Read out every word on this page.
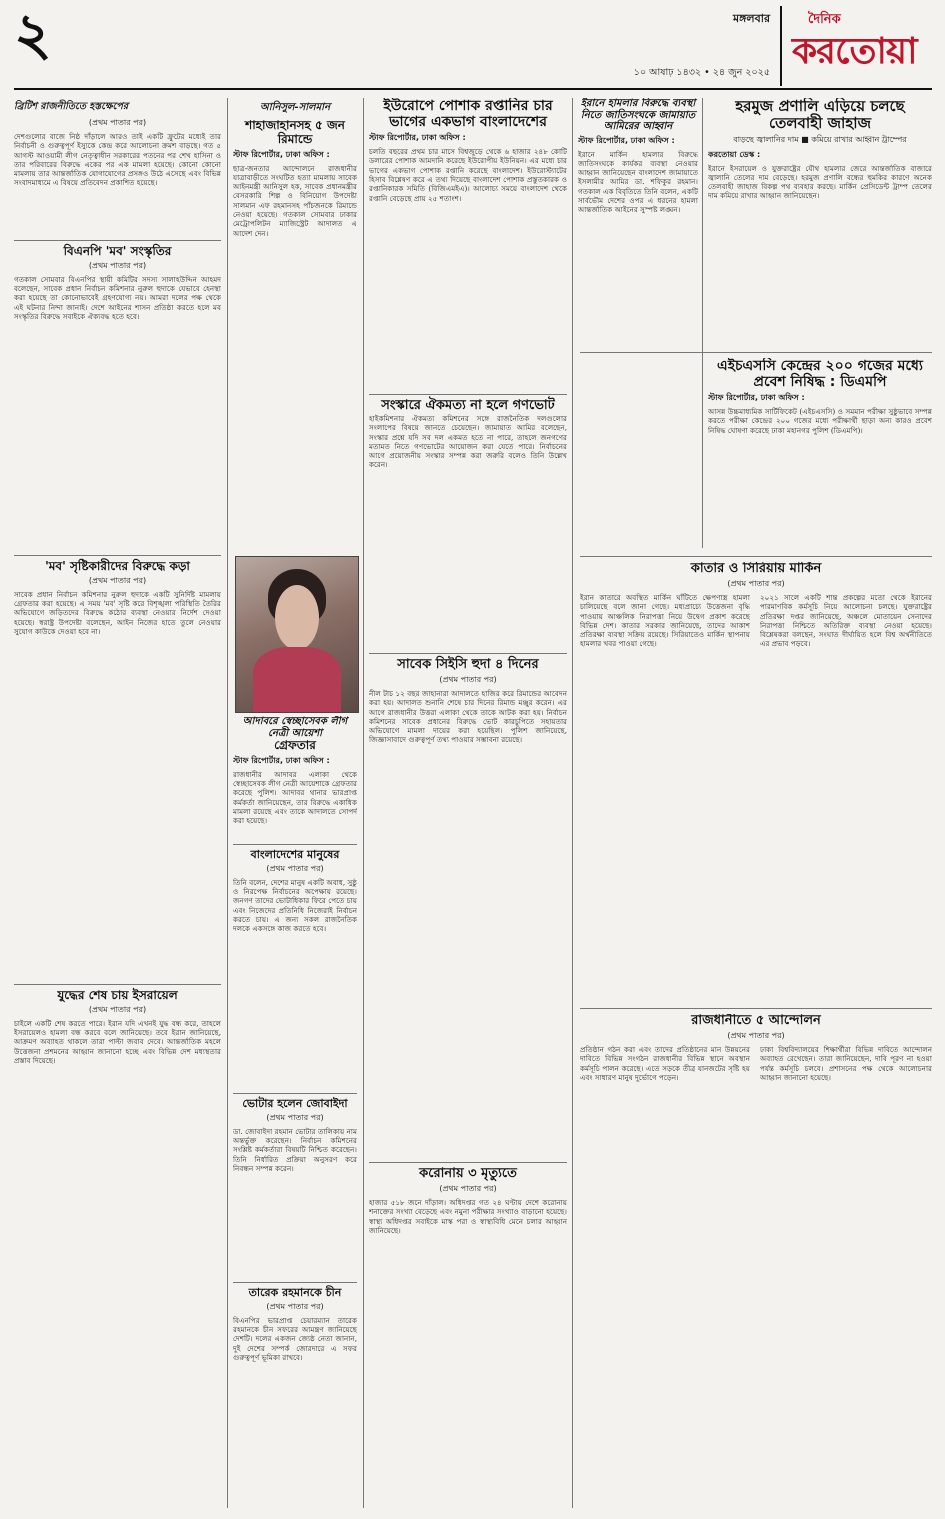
২	মঙ্গলবার
১০ আষাঢ় ১৪৩২ • ২৪ জুন ২০২৫
দৈনিক
করতোয়া

ব্রিটিশ রাজনীতিতে হস্তক্ষেপের

(প্রথম পাতার পর)

দেশগুলোর বাজে নিষ্ঠ দাঁড়ালে আরও তাই একটি ফ্রুটের মধ্যেই তার নির্বাচনী ও গুরুত্বপূর্ণ ইস্যুকে কেন্দ্র করে আলোচনা ক্রমশ বাড়ছে। গত ৫ আগস্ট আওয়ামী লীগ নেতৃত্বাধীন সরকারের পতনের পর শেখ হাসিনা ও তার পরিবারের বিরুদ্ধে একের পর এক মামলা হয়েছে। কোনো কোনো মামলায় তার আন্তর্জাতিক যোগাযোগের প্রসঙ্গও উঠে এসেছে এবং বিভিন্ন সংবাদমাধ্যমে এ বিষয়ে প্রতিবেদন প্রকাশিত হয়েছে।

বিএনপি 'মব' সংস্কৃতির

(প্রথম পাতার পর)

গতকাল সোমবার বিএনপির স্থায়ী কমিটির সদস্য সালাহউদ্দিন আহমদ বলেছেন, সাবেক প্রধান নির্বাচন কমিশনার নুরুল হুদাকে যেভাবে হেনস্থা করা হয়েছে তা কোনোভাবেই গ্রহণযোগ্য নয়। আমরা দলের পক্ষ থেকে এই ঘটনার নিন্দা জানাই। দেশে আইনের শাসন প্রতিষ্ঠা করতে হলে মব সংস্কৃতির বিরুদ্ধে সবাইকে ঐক্যবদ্ধ হতে হবে।

'মব' সৃষ্টিকারীদের বিরুদ্ধে কড়া

(প্রথম পাতার পর)

সাবেক প্রধান নির্বাচন কমিশনার নুরুল হুদাকে একটি সুনির্দিষ্ট মামলায় গ্রেফতার করা হয়েছে। এ সময় 'মব' সৃষ্টি করে বিশৃঙ্খলা পরিস্থিতি তৈরির অভিযোগে জড়িতদের বিরুদ্ধে কঠোর ব্যবস্থা নেওয়ার নির্দেশ দেওয়া হয়েছে। স্বরাষ্ট্র উপদেষ্টা বলেছেন, আইন নিজের হাতে তুলে নেওয়ার সুযোগ কাউকে দেওয়া হবে না।

যুদ্ধের শেষ চায় ইসরায়েল

(প্রথম পাতার পর)

চাইলে একটি শেষ করতে পারে। ইরান যদি এখনই যুদ্ধ বন্ধ করে, তাহলে ইসরায়েলও হামলা বন্ধ করবে বলে জানিয়েছে। তবে ইরান জানিয়েছে, আক্রমণ অব্যাহত থাকলে তারা পাল্টা জবাব দেবে। আন্তর্জাতিক মহলে উত্তেজনা প্রশমনের আহ্বান জানানো হচ্ছে এবং বিভিন্ন দেশ মধ্যস্থতার প্রস্তাব দিয়েছে।

আনিসুল-সালমান

শাহাজাহানসহ ৫ জন রিমান্ডে

স্টাফ রিপোর্টার, ঢাকা অফিস :

ছাত্র-জনতার আন্দোলনে রাজধানীর যাত্রাবাড়ীতে সংঘটিত হত্যা মামলায় সাবেক আইনমন্ত্রী আনিসুল হক, সাবেক প্রধানমন্ত্রীর বেসরকারি শিল্প ও বিনিয়োগ উপদেষ্টা সালমান এফ রহমানসহ পাঁচজনকে রিমান্ডে নেওয়া হয়েছে। গতকাল সোমবার ঢাকার মেট্রোপলিটন ম্যাজিস্ট্রেট আদালত এ আদেশ দেন।

আদাবরে স্বেচ্ছাসেবক লীগ নেত্রী আয়েশা

গ্রেফতার

স্টাফ রিপোর্টার, ঢাকা অফিস :

রাজধানীর আদাবর এলাকা থেকে স্বেচ্ছাসেবক লীগ নেত্রী আয়েশাকে গ্রেফতার করেছে পুলিশ। আদাবর থানার ভারপ্রাপ্ত কর্মকর্তা জানিয়েছেন, তার বিরুদ্ধে একাধিক মামলা রয়েছে এবং তাকে আদালতে সোপর্দ করা হয়েছে।

বাংলাদেশের মানুষের

(প্রথম পাতার পর)

তিনি বলেন, দেশের মানুষ একটি অবাধ, সুষ্ঠু ও নিরপেক্ষ নির্বাচনের অপেক্ষায় রয়েছে। জনগণ তাদের ভোটাধিকার ফিরে পেতে চায় এবং নিজেদের প্রতিনিধি নিজেরাই নির্বাচন করতে চায়। এ জন্য সকল রাজনৈতিক দলকে একসঙ্গে কাজ করতে হবে।

ভোটার হলেন জোবাইদা

(প্রথম পাতার পর)

ডা. জোবাইদা রহমান ভোটার তালিকায় নাম অন্তর্ভুক্ত করেছেন। নির্বাচন কমিশনের সংশ্লিষ্ট কর্মকর্তারা বিষয়টি নিশ্চিত করেছেন। তিনি নির্ধারিত প্রক্রিয়া অনুসরণ করে নিবন্ধন সম্পন্ন করেন।

তারেক রহমানকে চীন

(প্রথম পাতার পর)

বিএনপির ভারপ্রাপ্ত চেয়ারম্যান তারেক রহমানকে চীন সফরের আমন্ত্রণ জানিয়েছে দেশটি। দলের একজন জ্যেষ্ঠ নেতা জানান, দুই দেশের সম্পর্ক জোরদারে এ সফর গুরুত্বপূর্ণ ভূমিকা রাখবে।

ইউরোপে পোশাক রপ্তানির চার ভাগের একভাগ বাংলাদেশের

স্টাফ রিপোর্টার, ঢাকা অফিস :

চলতি বছরের প্রথম চার মাসে বিশ্বজুড়ে থেকে ৬ হাজার ২৪৮ কোটি ডলারের পোশাক আমদানি করেছে ইউরোপীয় ইউনিয়ন। এর মধ্যে চার ভাগের একভাগ পোশাক রপ্তানি করেছে বাংলাদেশ। ইউরোস্ট্যাটের হিসাব বিশ্লেষণ করে এ তথ্য দিয়েছে বাংলাদেশ পোশাক প্রস্তুতকারক ও রপ্তানিকারক সমিতি (বিজিএমইএ)। আলোচ্য সময়ে বাংলাদেশ থেকে রপ্তানি বেড়েছে প্রায় ২৫ শতাংশ।

সংস্কারে ঐকমত্য না হলে গণভোট

হাইকমিশনার ঐকমত্য কমিশনের সঙ্গে রাজনৈতিক দলগুলোর সংলাপের বিষয়ে জানতে চেয়েছেন। জামায়াত আমির বলেছেন, সংস্কার প্রশ্নে যদি সব দল একমত হতে না পারে, তাহলে জনগণের মতামত নিতে গণভোটের আয়োজন করা যেতে পারে। নির্বাচনের আগে প্রয়োজনীয় সংস্কার সম্পন্ন করা জরুরি বলেও তিনি উল্লেখ করেন।

সাবেক সিইসি হুদা ৪ দিনের

(প্রথম পাতার পর)

নীল টাচ ১২ বছর জাহানারা আদালতে হাজির করে রিমান্ডের আবেদন করা হয়। আদালত শুনানি শেষে চার দিনের রিমান্ড মঞ্জুর করেন। এর আগে রাজধানীর উত্তরা এলাকা থেকে তাকে আটক করা হয়। নির্বাচন কমিশনের সাবেক প্রধানের বিরুদ্ধে ভোট কারচুপিতে সহায়তার অভিযোগে মামলা দায়ের করা হয়েছিল। পুলিশ জানিয়েছে, জিজ্ঞাসাবাদে গুরুত্বপূর্ণ তথ্য পাওয়ার সম্ভাবনা রয়েছে।

করোনায় ৩ মৃত্যুতে

(প্রথম পাতার পর)

হাজার ৫১৮ জনে দাঁড়াল। অধিদপ্তর গত ২৪ ঘণ্টায় দেশে করোনায় শনাক্তের সংখ্যা বেড়েছে এবং নমুনা পরীক্ষার সংখ্যাও বাড়ানো হয়েছে। স্বাস্থ্য অধিদপ্তর সবাইকে মাস্ক পরা ও স্বাস্থ্যবিধি মেনে চলার আহ্বান জানিয়েছে।

ইরানে হামলার বিরুদ্ধে ব্যবস্থা নিতে জাতিসংঘকে জামায়াত আমিরের আহ্বান

স্টাফ রিপোর্টার, ঢাকা অফিস :

ইরানে মার্কিন হামলার বিরুদ্ধে জাতিসংঘকে কার্যকর ব্যবস্থা নেওয়ার আহ্বান জানিয়েছেন বাংলাদেশ জামায়াতে ইসলামীর আমির ডা. শফিকুর রহমান। গতকাল এক বিবৃতিতে তিনি বলেন, একটি সার্বভৌম দেশের ওপর এ ধরনের হামলা আন্তর্জাতিক আইনের সুস্পষ্ট লঙ্ঘন।

হরমুজ প্রণালি এড়িয়ে চলছে তেলবাহী জাহাজ

বাড়ছে জ্বালানির দাম ■ কমিয়ে রাখার আহ্বান ট্রাম্পের

করতোয়া ডেস্ক :

ইরানে ইসরায়েল ও যুক্তরাষ্ট্রের যৌথ হামলার জেরে আন্তর্জাতিক বাজারে জ্বালানি তেলের দাম বেড়েছে। হরমুজ প্রণালি বন্ধের হুমকির কারণে অনেক তেলবাহী জাহাজ বিকল্প পথ ব্যবহার করছে। মার্কিন প্রেসিডেন্ট ট্রাম্প তেলের দাম কমিয়ে রাখার আহ্বান জানিয়েছেন।

এইচএসসি কেন্দ্রের ২০০ গজের মধ্যে প্রবেশ নিষিদ্ধ : ডিএমপি

স্টাফ রিপোর্টার, ঢাকা অফিস :

আসন্ন উচ্চমাধ্যমিক সার্টিফিকেট (এইচএসসি) ও সমমান পরীক্ষা সুষ্ঠুভাবে সম্পন্ন করতে পরীক্ষা কেন্দ্রের ২০০ গজের মধ্যে পরীক্ষার্থী ছাড়া অন্য কারও প্রবেশ নিষিদ্ধ ঘোষণা করেছে ঢাকা মহানগর পুলিশ (ডিএমপি)।

কাতার ও সিরিয়ায় মার্কিন

(প্রথম পাতার পর)

ইরান কাতারে অবস্থিত মার্কিন ঘাঁটিতে ক্ষেপণাস্ত্র হামলা চালিয়েছে বলে জানা গেছে। মধ্যপ্রাচ্যে উত্তেজনা বৃদ্ধি পাওয়ায় আঞ্চলিক নিরাপত্তা নিয়ে উদ্বেগ প্রকাশ করেছে বিভিন্ন দেশ। কাতার সরকার জানিয়েছে, তাদের আকাশ প্রতিরক্ষা ব্যবস্থা সক্রিয় রয়েছে। সিরিয়াতেও মার্কিন স্থাপনায় হামলার খবর পাওয়া গেছে।

২০২১ সালে একটি শান্ত প্রকল্পের মতো থেকে ইরানের পারমাণবিক কর্মসূচি নিয়ে আলোচনা চলছে। যুক্তরাষ্ট্রের প্রতিরক্ষা দপ্তর জানিয়েছে, অঞ্চলে মোতায়েন সেনাদের নিরাপত্তা নিশ্চিতে অতিরিক্ত ব্যবস্থা নেওয়া হয়েছে। বিশ্লেষকরা বলছেন, সংঘাত দীর্ঘায়িত হলে বিশ্ব অর্থনীতিতে এর প্রভাব পড়বে।

রাজধানীতে ৫ আন্দোলন

(প্রথম পাতার পর)

প্রতিষ্ঠান গঠন করা এবং তাদের প্রতিষ্ঠানের মান উন্নয়নের দাবিতে বিভিন্ন সংগঠন রাজধানীর বিভিন্ন স্থানে অবস্থান কর্মসূচি পালন করেছে। এতে সড়কে তীব্র যানজটের সৃষ্টি হয় এবং সাধারণ মানুষ দুর্ভোগে পড়েন।

ঢাকা বিশ্ববিদ্যালয়ের শিক্ষার্থীরা বিভিন্ন দাবিতে আন্দোলন অব্যাহত রেখেছেন। তারা জানিয়েছেন, দাবি পূরণ না হওয়া পর্যন্ত কর্মসূচি চলবে। প্রশাসনের পক্ষ থেকে আলোচনার আহ্বান জানানো হয়েছে।
